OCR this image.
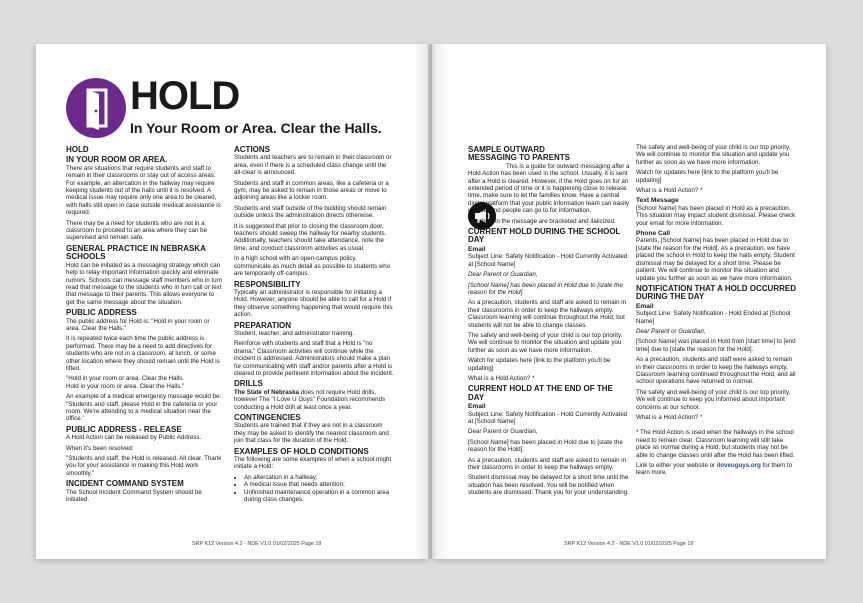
HOLD
In Your Room or Area. Clear the Halls.
HOLD
IN YOUR ROOM OR AREA.

There are situations that require students and staff to remain in their classrooms or stay out of access areas. For example, an altercation in the hallway may require keeping students out of the halls until it is resolved. A medical issue may require only one area to be cleared, with halls still open in case outside medical assistance is required.

There may be a need for students who are not in a classroom to proceed to an area where they can be supervised and remain safe.

GENERAL PRACTICE IN NEBRASKA SCHOOLS

Hold can be initiated as a messaging strategy which can help to relay important information quickly and eliminate rumors. Schools can message staff members who in turn read that message to the students who in turn call or text that message to their parents. This allows everyone to get the same message about the situation.

PUBLIC ADDRESS

The public address for Hold is: "Hold in your room or area. Clear the Halls."

It is repeated twice each time the public address is performed. There may be a need to add directives for students who are not in a classroom, at lunch, or some other location where they should remain until the Hold is lifted.

"Hold in your room or area. Clear the Halls.
Hold in your room or area. Clear the Halls."

An example of a medical emergency message would be: "Students and staff, please Hold in the cafeteria or your room. We're attending to a medical situation near the office."

PUBLIC ADDRESS - RELEASE

A Hold Action can be released by Public Address.

When it's been resolved:

"Students and staff, the Hold is released. All clear. Thank you for your assistance in making this Hold work smoothly."

INCIDENT COMMAND SYSTEM

The School Incident Command System should be initiated.

ACTIONS

Students and teachers are to remain in their classroom or area, even if there is a scheduled class change until the all-clear is announced.

Students and staff in common areas, like a cafeteria or a gym, may be asked to remain in those areas or move to adjoining areas like a locker room.

Students and staff outside of the building should remain outside unless the administration directs otherwise.

It is suggested that prior to closing the classroom door, teachers should sweep the hallway for nearby students. Additionally, teachers should take attendance, note the time, and conduct classroom activities as usual.

In a high school with an open-campus policy, communicate as much detail as possible to students who are temporarily off-campus.

RESPONSIBILITY

Typically an administrator is responsible for initiating a Hold. However, anyone should be able to call for a Hold if they observe something happening that would require this action.

PREPARATION

Student, teacher, and administrator training.

Reinforce with students and staff that a Hold is "no drama." Classroom activities will continue while the incident is addressed. Administrators should make a plan for communicating with staff and/or parents after a Hold is cleared to provide pertinent information about the incident.

DRILLS

The State of Nebraska does not require Hold drills, however The "I Love U Guys" Foundation recommends conducting a Hold drill at least once a year.

CONTINGENCIES

Students are trained that if they are not in a classroom they may be asked to identify the nearest classroom and join that class for the duration of the Hold.

EXAMPLES OF HOLD CONDITIONS

The following are some examples of when a school might initiate a Hold:

• An altercation in a hallway;
• A medical issue that needs attention;
• Unfinished maintenance operation in a common area during class changes.
SRP K12 Version 4.2 - NDE V1.0 01/02/2025 Page 18
SAMPLE OUTWARD MESSAGING TO PARENTS

This is a guide for outward messaging after a Hold Action has been used in the school. Usually, it is sent after a Hold is cleared. However, if the Hold goes on for an extended period of time or it is happening close to release time, make sure to let the families know. Have a central digital platform that your public information team can easily update, and people can go to for information.

Variables in the message are bracketed and italicized.

CURRENT HOLD DURING THE SCHOOL DAY
Email

Subject Line: Safety Notification - Hold Currently Activated at [School Name]

Dear Parent or Guardian,

[School Name] has been placed in Hold due to [state the reason for the Hold].

As a precaution, students and staff are asked to remain in their classrooms in order to keep the hallways empty. Classroom learning will continue throughout the Hold, but students will not be able to change classes.

The safety and well-being of your child is our top priority. We will continue to monitor the situation and update you further as soon as we have more information.

Watch for updates here [link to the platform you'll be updating]

What is a Hold Action? *

CURRENT HOLD AT THE END OF THE DAY
Email

Subject Line: Safety Notification - Hold Currently Activated at [School Name]

Dear Parent or Guardian,

[School Name] has been placed in Hold due to [state the reason for the Hold].

As a precaution, students and staff are asked to remain in their classrooms in order to keep the hallways empty.

Student dismissal may be delayed for a short time until the situation has been resolved. You will be notified when students are dismissed. Thank you for your understanding.

The safety and well-being of your child is our top priority. We will continue to monitor the situation and update you further as soon as we have more information.

Watch for updates here [link to the platform you'll be updating]

What is a Hold Action? *

Text Message

[School Name] has been placed in Hold as a precaution. This situation may impact student dismissal. Please check your email for more information.

Phone Call

Parents, [School Name] has been placed in Hold due to [state the reason for the Hold]. As a precaution, we have placed the school in Hold to keep the halls empty. Student dismissal may be delayed for a short time. Please be patient. We will continue to monitor the situation and update you further as soon as we have more information.

NOTIFICATION THAT A HOLD OCCURRED DURING THE DAY
Email

Subject Line: Safety Notification - Hold Ended at [School Name]

Dear Parent or Guardian,

[School Name] was placed in Hold from [start time] to [end time] due to [state the reason for the Hold].

As a precaution, students and staff were asked to remain in their classrooms in order to keep the hallways empty. Classroom learning continued throughout the Hold, and all school operations have returned to normal.

The safety and well-being of your child is our top priority. We will continue to keep you informed about important concerns at our school.

What is a Hold Action? *

* The Hold Action is used when the hallways in the school need to remain clear. Classroom learning will still take place as normal during a Hold, but students may not be able to change classes until after the Hold has been lifted.

Link to either your website or iloveuguys.org for them to learn more.

SRP K12 Version 4.2 - NDE V1.0 01/02/2025 Page 19
